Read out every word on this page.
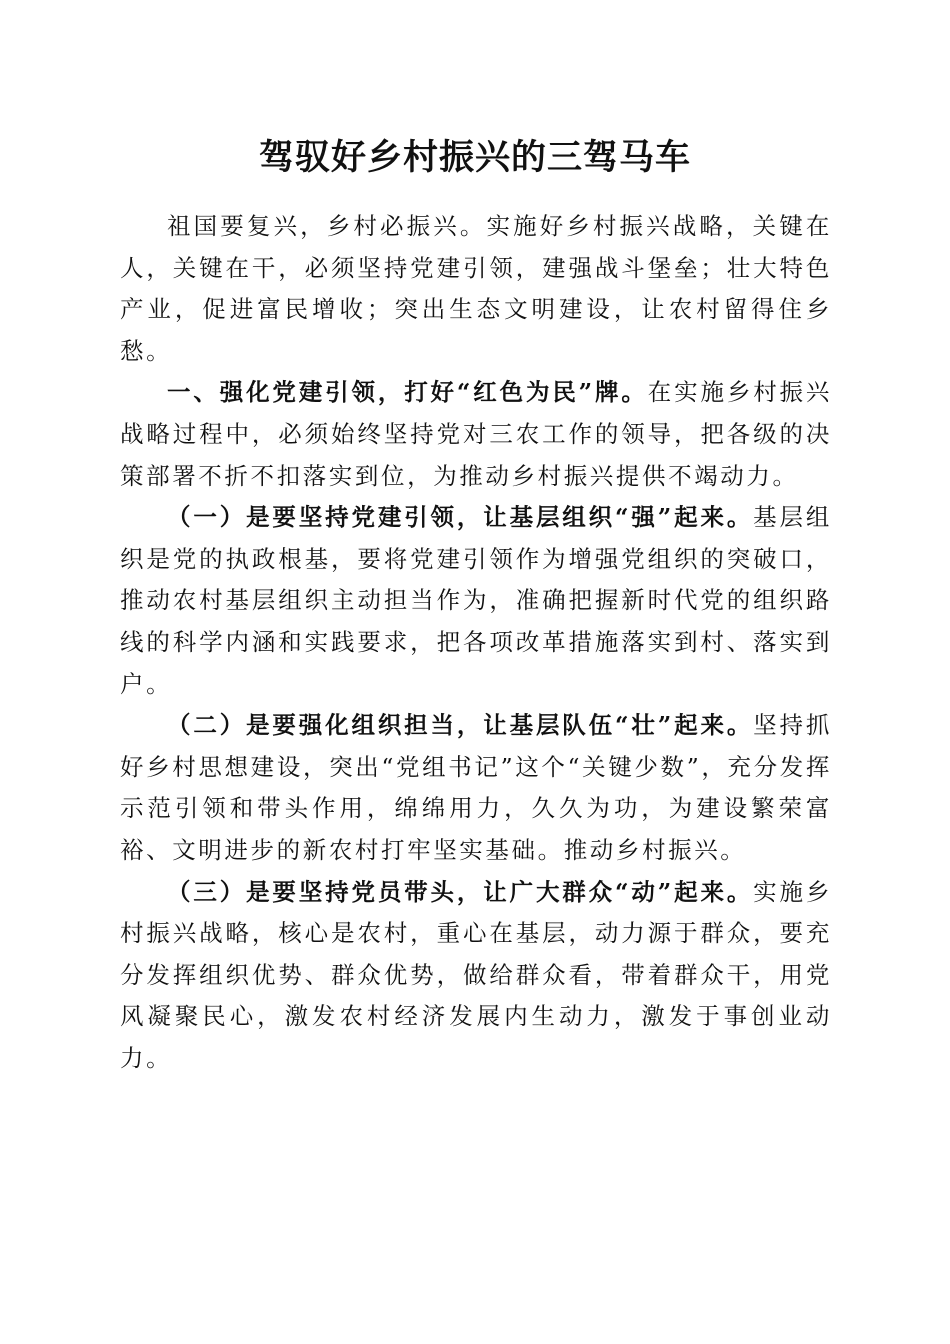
驾驭好乡村振兴的三驾马车

祖国要复兴，乡村必振兴。实施好乡村振兴战略，关键在人，关键在干，必须坚持党建引领，建强战斗堡垒；壮大特色产业，促进富民增收；突出生态文明建设，让农村留得住乡愁。

一、强化党建引领，打好“红色为民”牌。在实施乡村振兴战略过程中，必须始终坚持党对三农工作的领导，把各级的决策部署不折不扣落实到位，为推动乡村振兴提供不竭动力。

（一）是要坚持党建引领，让基层组织“强”起来。基层组织是党的执政根基，要将党建引领作为增强党组织的突破口，推动农村基层组织主动担当作为，准确把握新时代党的组织路线的科学内涵和实践要求，把各项改革措施落实到村、落实到户。

（二）是要强化组织担当，让基层队伍“壮”起来。坚持抓好乡村思想建设，突出“党组书记”这个“关键少数”，充分发挥示范引领和带头作用，绵绵用力，久久为功，为建设繁荣富裕、文明进步的新农村打牢坚实基础。推动乡村振兴。

（三）是要坚持党员带头，让广大群众“动”起来。实施乡村振兴战略，核心是农村，重心在基层，动力源于群众，要充分发挥组织优势、群众优势，做给群众看，带着群众干，用党风凝聚民心，激发农村经济发展内生动力，激发于事创业动力。
